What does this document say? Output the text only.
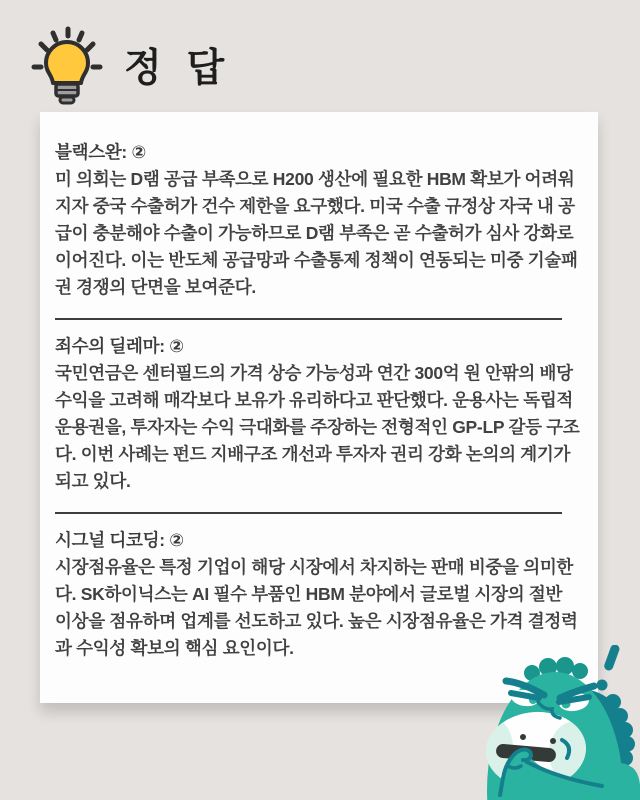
정 답
블랙스완: ②

미 의회는 D램 공급 부족으로 H200 생산에 필요한 HBM 확보가 어려워지자 중국 수출허가 건수 제한을 요구했다. 미국 수출 규정상 자국 내 공급이 충분해야 수출이 가능하므로 D램 부족은 곧 수출허가 심사 강화로 이어진다. 이는 반도체 공급망과 수출통제 정책이 연동되는 미중 기술패권 경쟁의 단면을 보여준다.

죄수의 딜레마: ②

국민연금은 센터필드의 가격 상승 가능성과 연간 300억 원 안팎의 배당수익을 고려해 매각보다 보유가 유리하다고 판단했다. 운용사는 독립적 운용권을, 투자자는 수익 극대화를 주장하는 전형적인 GP-LP 갈등 구조다. 이번 사례는 펀드 지배구조 개선과 투자자 권리 강화 논의의 계기가 되고 있다.

시그널 디코딩: ②

시장점유율은 특정 기업이 해당 시장에서 차지하는 판매 비중을 의미한다. SK하이닉스는 AI 필수 부품인 HBM 분야에서 글로벌 시장의 절반 이상을 점유하며 업계를 선도하고 있다. 높은 시장점유율은 가격 결정력과 수익성 확보의 핵심 요인이다.
